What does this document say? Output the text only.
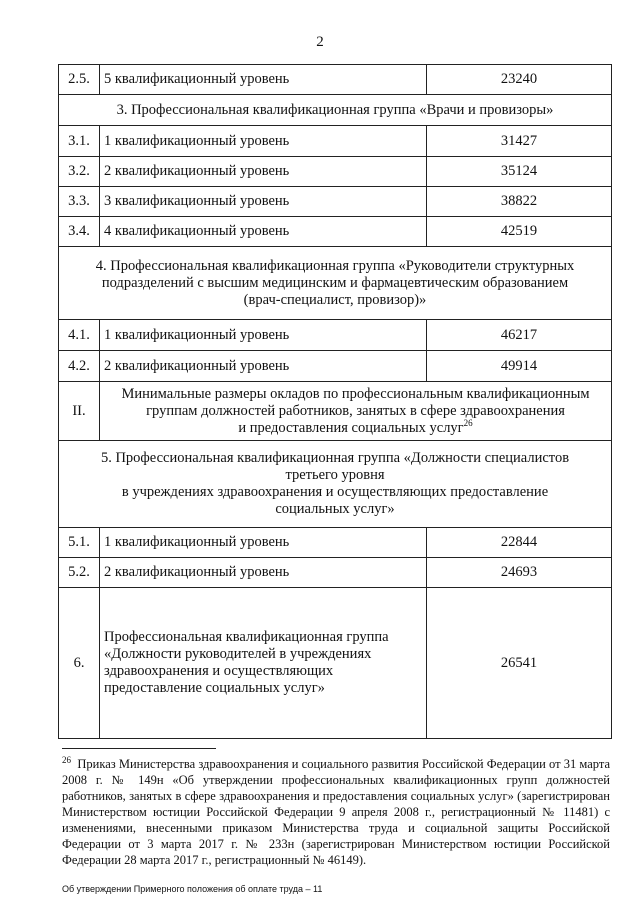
2
2.5.	5 квалификационный уровень	23240
3. Профессиональная квалификационная группа «Врачи и провизоры»		
3.1.	1 квалификационный уровень	31427
3.2.	2 квалификационный уровень	35124
3.3.	3 квалификационный уровень	38822
3.4.	4 квалификационный уровень	42519

4. Профессиональная квалификационная группа «Руководители структурных
подразделений с высшим медицинским и фармацевтическим образованием
(врач-специалист, провизор)»		

4.1.	1 квалификационный уровень	46217
4.2.	2 квалификационный уровень	49914
II.	Минимальные размеры окладов по профессиональным квалификационным
группам должностей работников, занятых в сфере здравоохранения
и предоставления социальных услуг$^{26}$

5. Профессиональная квалификационная группа «Должности специалистов
третьего уровня
в учреждениях здравоохранения и осуществляющих предоставление
социальных услуг»		

5.1.	1 квалификационный уровень	22844
5.2.	2 квалификационный уровень	24693
6.	Профессиональная квалификационная группа
«Должности руководителей в учреждениях
здравоохранения и осуществляющих
предоставление социальных услуг»	26541
$^{26}$ Приказ Министерства здравоохранения и социального развития Российской Федерации от 31 марта 2008 г. № 149н «Об утверждении профессиональных квалификационных групп должностей работников, занятых в сфере здравоохранения и предоставления социальных услуг» (зарегистрирован Министерством юстиции Российской Федерации 9 апреля 2008 г., регистрационный № 11481) с изменениями, внесенными приказом Министерства труда и социальной защиты Российской Федерации от 3 марта 2017 г. № 233н (зарегистрирован Министерством юстиции Российской Федерации 28 марта 2017 г., регистрационный № 46149).
Об утверждении Примерного положения об оплате труда – 11
